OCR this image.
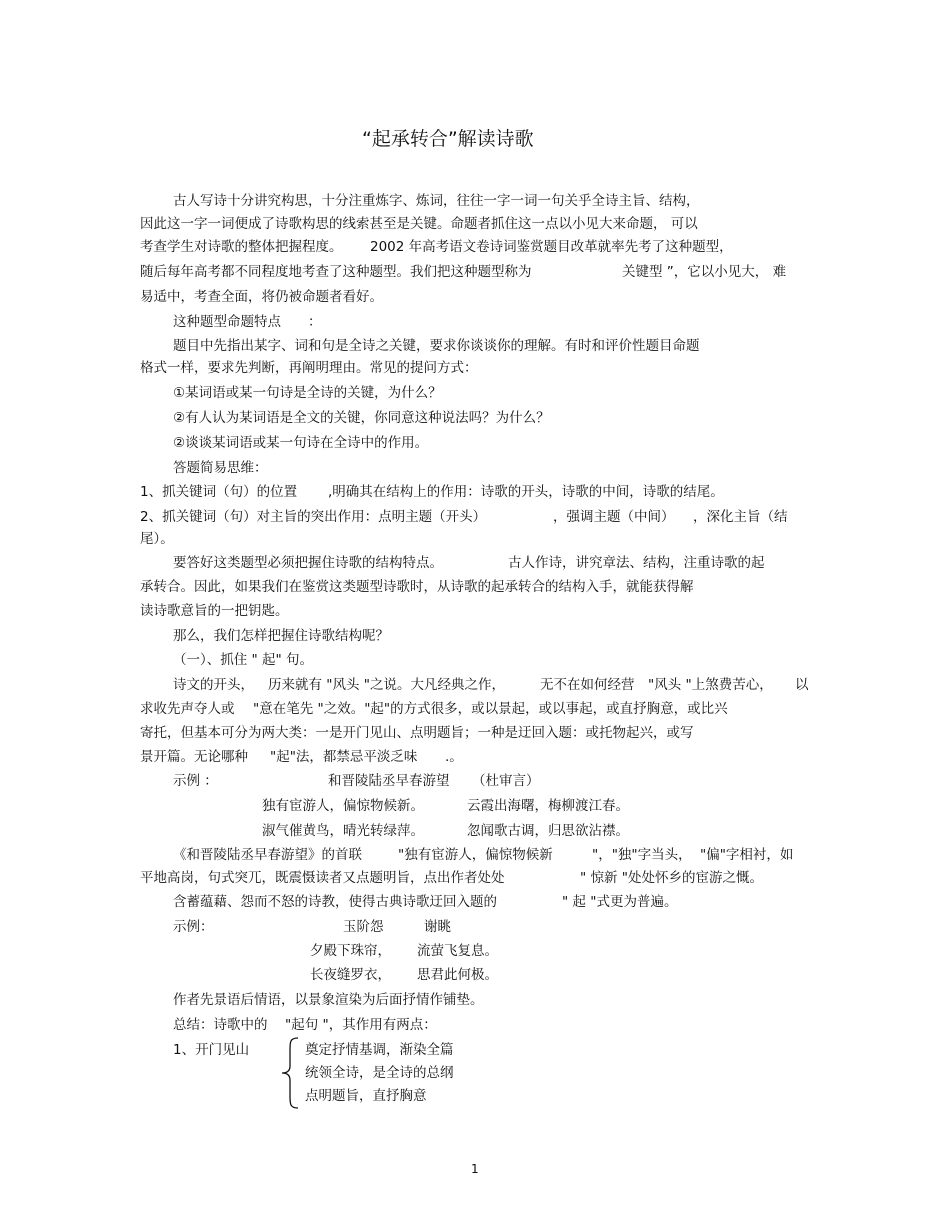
“起承转合”解读诗歌
古人写诗十分讲究构思，十分注重炼字、炼词，往往一字一词一句关乎全诗主旨、结构，
因此这一字一词便成了诗歌构思的线索甚至是关键。命题者抓住这一点以小见大来命题， 可以
考查学生对诗歌的整体把握程度。 2002 年高考语文卷诗词鉴赏题目改革就率先考了这种题型，
随后每年高考都不同程度地考查了这种题型。我们把这种题型称为	关键型 ”，它以小见大， 难
易适中，考查全面，将仍被命题者看好。
这种题型命题特点 ：
题目中先指出某字、词和句是全诗之关键，要求你谈谈你的理解。有时和评价性题目命题
格式一样，要求先判断，再阐明理由。常见的提问方式：
①某词语或某一句诗是全诗的关键，为什么？
②有人认为某词语是全文的关键，你同意这种说法吗？为什么？
②谈谈某词语或某一句诗在全诗中的作用。
答题简易思维：
1、抓关键词（句）的位置 ,明确其在结构上的作用：诗歌的开头，诗歌的中间，诗歌的结尾。
2、抓关键词（句）对主旨的突出作用：点明主题（开头）	，强调主题（中间） ，深化主旨（结
尾）。
要答好这类题型必须把握住诗歌的结构特点。	古人作诗，讲究章法、结构，注重诗歌的起
承转合。因此，如果我们在鉴赏这类题型诗歌时，从诗歌的起承转合的结构入手，就能获得解
读诗歌意旨的一把钥匙。
那么，我们怎样把握住诗歌结构呢？
（一）、抓住 " 起" 句。
诗文的开头， 历来就有 "风头 "之说。大凡经典之作，	无不在如何经营 "风头 "上煞费苦心， 以
求收先声夺人或 "意在笔先 "之效。"起"的方式很多，或以景起，或以事起，或直抒胸意，或比兴
寄托，但基本可分为两大类：一是开门见山、点明题旨；一种是迂回入题：或托物起兴，或写
景开篇。无论哪种 "起"法，都禁忌平淡乏味 .。
示例 ：	和晋陵陆丞早春游望 （杜审言）
独有宦游人，偏惊物候新。	云霞出海曙，梅柳渡江春。
淑气催黄鸟，晴光转绿萍。	忽闻歌古调，归思欲沾襟。
《和晋陵陆丞早春游望》的首联	"独有宦游人，偏惊物候新	"，"独"字当头， "偏"字相衬，如
平地高岗，句式突兀，既震慑读者又点题明旨，点出作者处处	" 惊新 "处处怀乡的宦游之慨。
含蓄蕴藉、怨而不怒的诗教，使得古典诗歌迂回入题的	" 起 "式更为普遍。
示例：	玉阶怨	谢眺
夕殿下珠帘， 流萤飞复息。
长夜缝罗衣， 思君此何极。
作者先景语后情语，以景象渲染为后面抒情作铺垫。
总结：诗歌中的 "起句 "，其作用有两点：
1、开门见山	奠定抒情基调，渐染全篇
统领全诗，是全诗的总纲
点明题旨，直抒胸意
1
